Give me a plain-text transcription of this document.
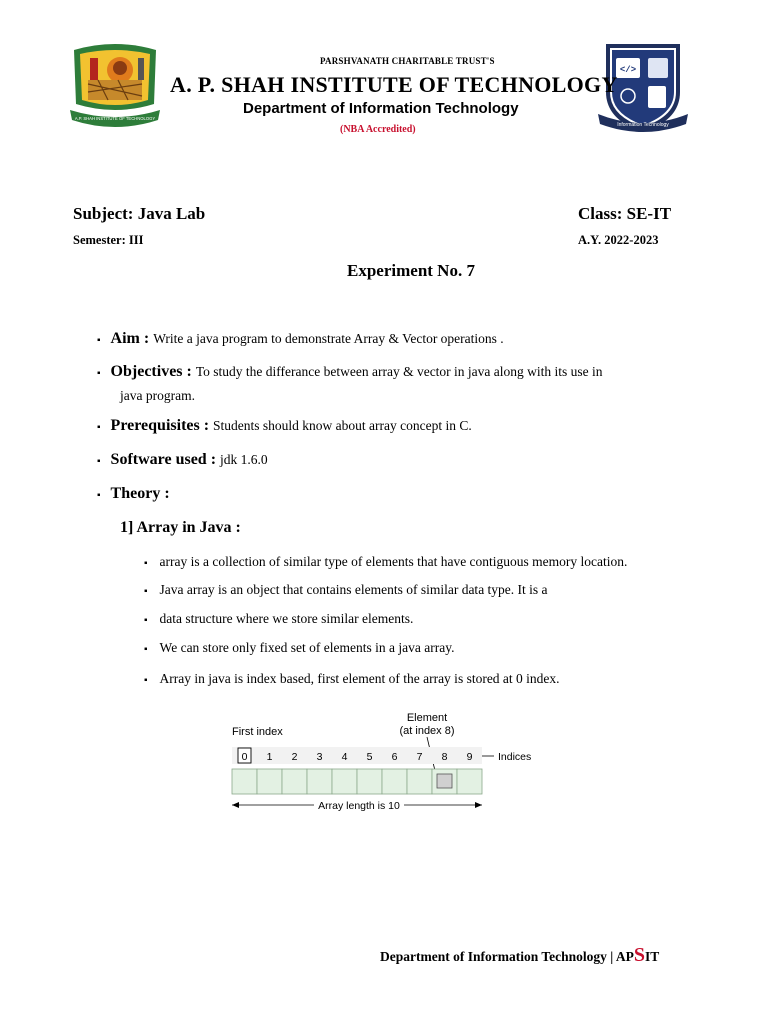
A.P. SHAH INSTITUTE OF TECHNOLOGY
</>
Information Technology
PARSHVANATH CHARITABLE TRUST'S
A. P. SHAH INSTITUTE OF TECHNOLOGY
Department of Information Technology
(NBA Accredited)
Subject: Java Lab	Class: SE-IT
Semester: III	A.Y. 2022-2023
Experiment No. 7
▪ Aim : Write a java program to demonstrate Array & Vector operations .
▪ Objectives : To study the differance between array & vector in java along with its use in
java program.
▪ Prerequisites : Students should know about array concept in C.
▪ Software used : jdk 1.6.0
▪ Theory :
1] Array in Java :
▪ array is a collection of similar type of elements that have contiguous memory location.
▪ Java array is an object that contains elements of similar data type. It is a
▪ data structure where we store similar elements.
▪ We can store only fixed set of elements in a java array.
▪ Array in java is index based, first element of the array is stored at 0 index.
First index
Element
(at index 8)
Indices
Array length is 10
0 1 2 3 4 5 6 7 8 9
Department of Information Technology | APSIT
